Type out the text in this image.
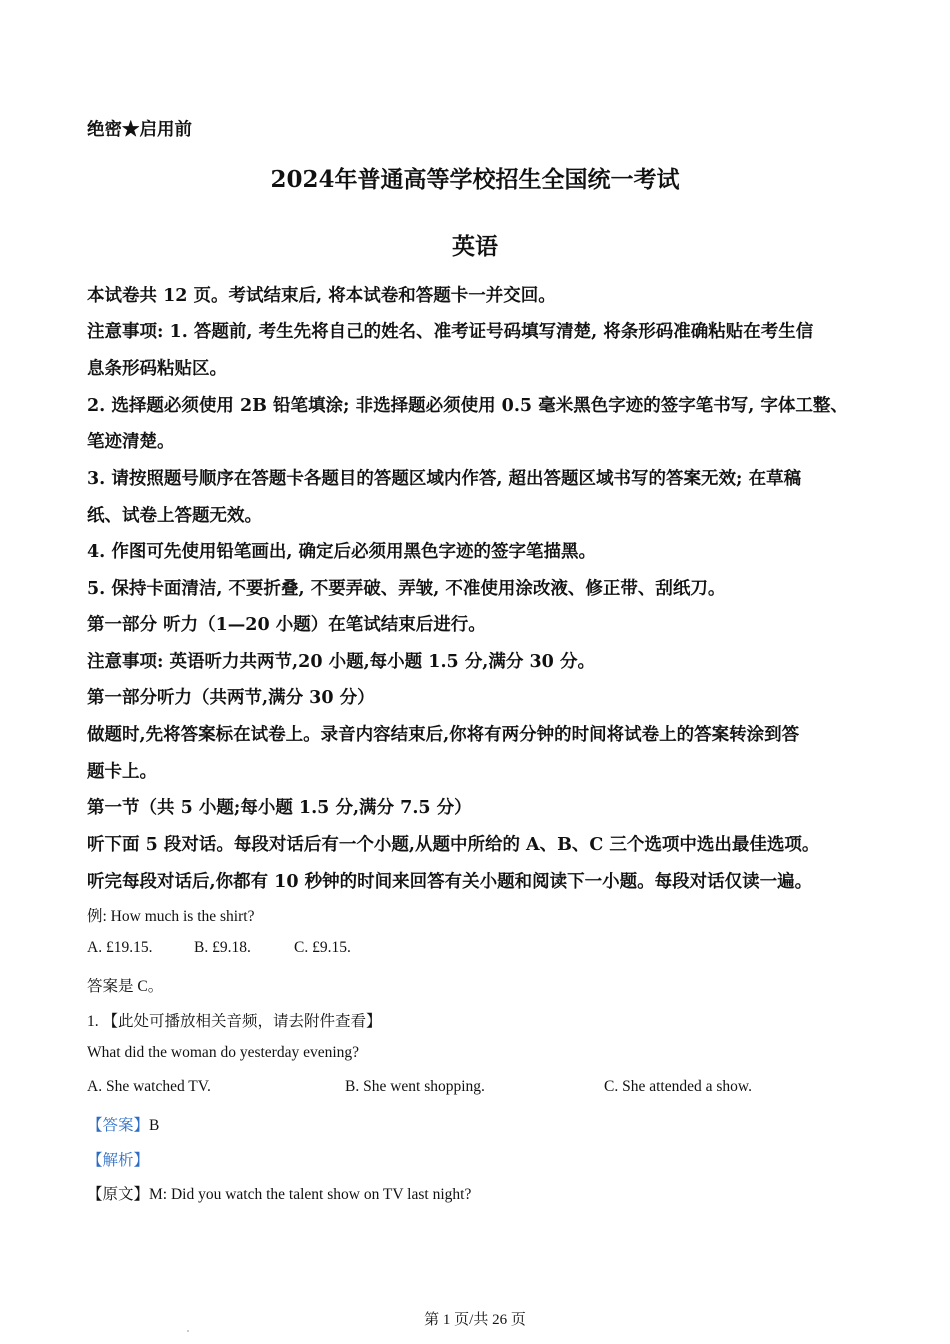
绝密★启用前
2024年普通高等学校招生全国统一考试
英语
本试卷共 12 页。考试结束后, 将本试卷和答题卡一并交回。
注意事项: 1. 答题前, 考生先将自己的姓名、准考证号码填写清楚, 将条形码准确粘贴在考生信
息条形码粘贴区。
2. 选择题必须使用 2B 铅笔填涂; 非选择题必须使用 0.5 毫米黑色字迹的签字笔书写, 字体工整、
笔迹清楚。
3. 请按照题号顺序在答题卡各题目的答题区域内作答, 超出答题区域书写的答案无效; 在草稿
纸、试卷上答题无效。
4. 作图可先使用铅笔画出, 确定后必须用黑色字迹的签字笔描黑。
5. 保持卡面清洁, 不要折叠, 不要弄破、弄皱, 不准使用涂改液、修正带、刮纸刀。
第一部分 听力（1—20 小题）在笔试结束后进行。
注意事项: 英语听力共两节,20 小题,每小题 1.5 分,满分 30 分。
第一部分听力（共两节,满分 30 分）
做题时,先将答案标在试卷上。录音内容结束后,你将有两分钟的时间将试卷上的答案转涂到答
题卡上。
第一节（共 5 小题;每小题 1.5 分,满分 7.5 分）
听下面 5 段对话。每段对话后有一个小题,从题中所给的 A、B、C 三个选项中选出最佳选项。
听完每段对话后,你都有 10 秒钟的时间来回答有关小题和阅读下一小题。每段对话仅读一遍。
例: How much is the shirt?
A. £19.15.	B. £9.18.	C. £9.15.
答案是 C。
1. 【此处可播放相关音频，请去附件查看】
What did the woman do yesterday evening?
A. She watched TV.	B. She went shopping.	C. She attended a show.
【答案】B
【解析】
【原文】M: Did you watch the talent show on TV last night?
第 1 页/共 26 页
